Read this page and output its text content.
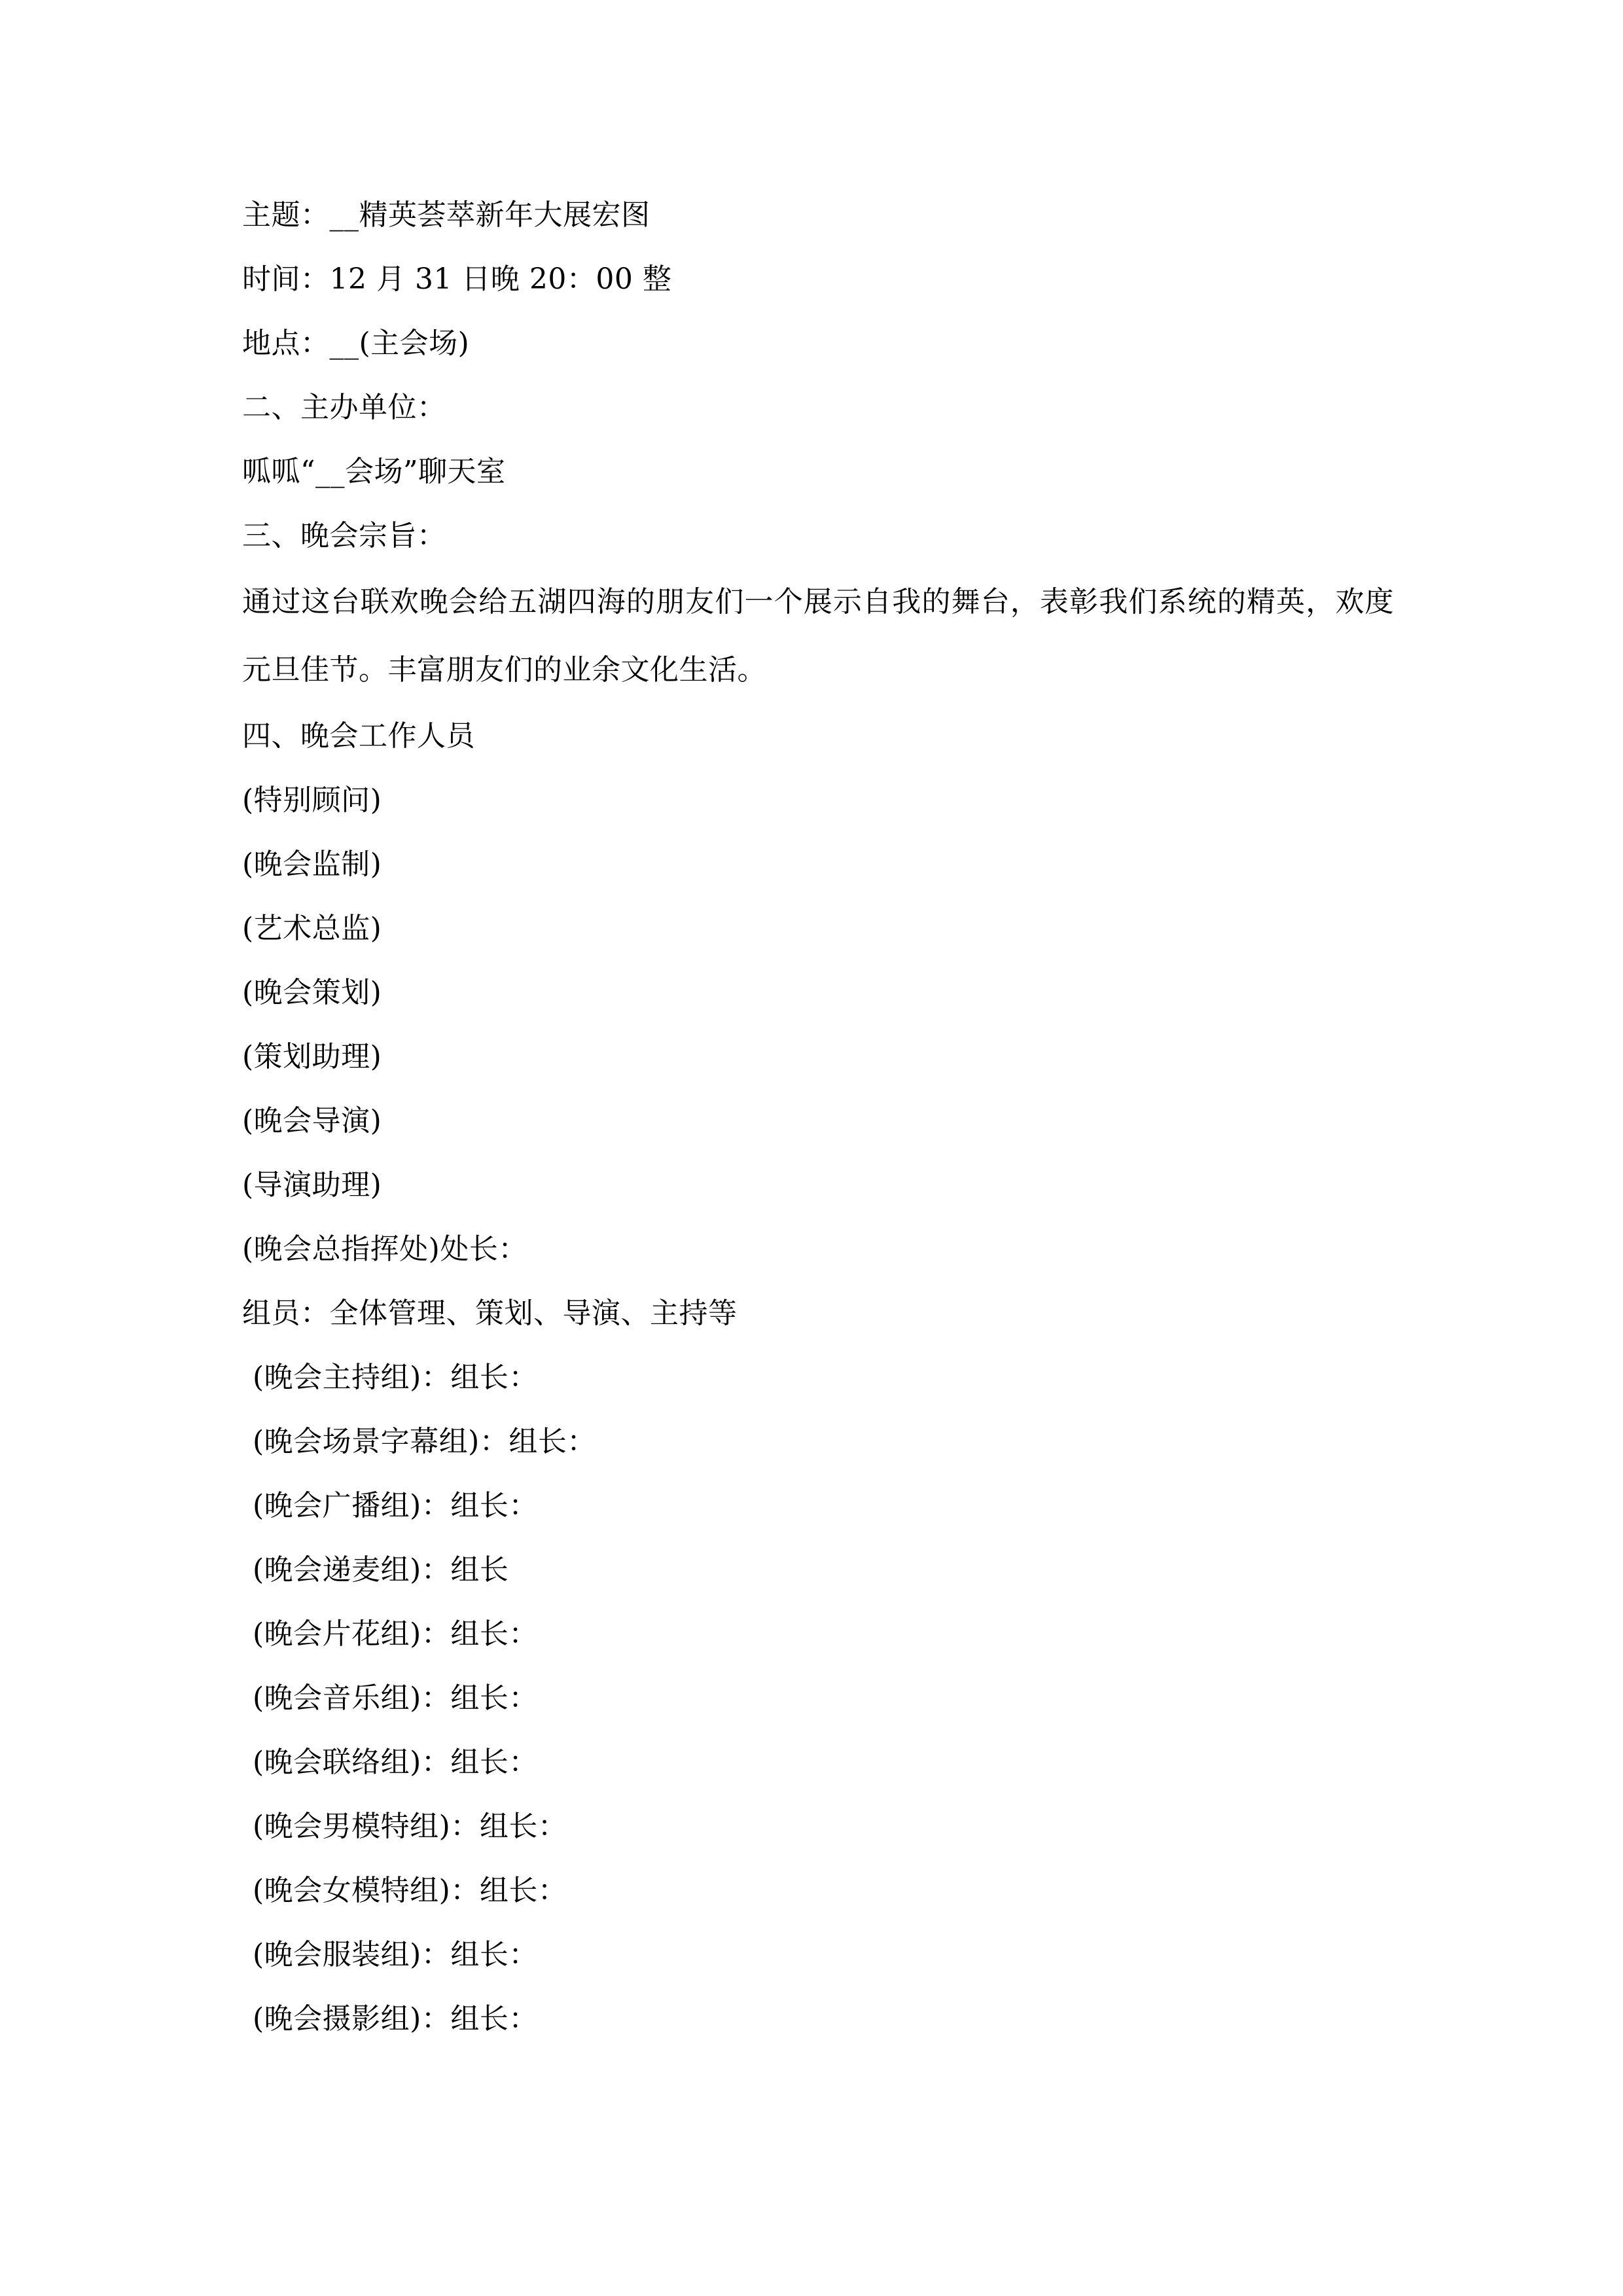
主题：__精英荟萃新年大展宏图
时间：12 月 31 日晚 20：00 整
地点：__(主会场)
二、主办单位：
呱呱“__会场”聊天室
三、晚会宗旨：
通过这台联欢晚会给五湖四海的朋友们一个展示自我的舞台，表彰我们系统的精英，欢度元旦佳节。丰富朋友们的业余文化生活。
四、晚会工作人员
(特别顾问)
(晚会监制)
(艺术总监)
(晚会策划)
(策划助理)
(晚会导演)
(导演助理)
(晚会总指挥处)处长：
组员：全体管理、策划、导演、主持等
(晚会主持组)：组长：
(晚会场景字幕组)：组长：
(晚会广播组)：组长：
(晚会递麦组)：组长
(晚会片花组)：组长：
(晚会音乐组)：组长：
(晚会联络组)：组长：
(晚会男模特组)：组长：
(晚会女模特组)：组长：
(晚会服装组)：组长：
(晚会摄影组)：组长：
